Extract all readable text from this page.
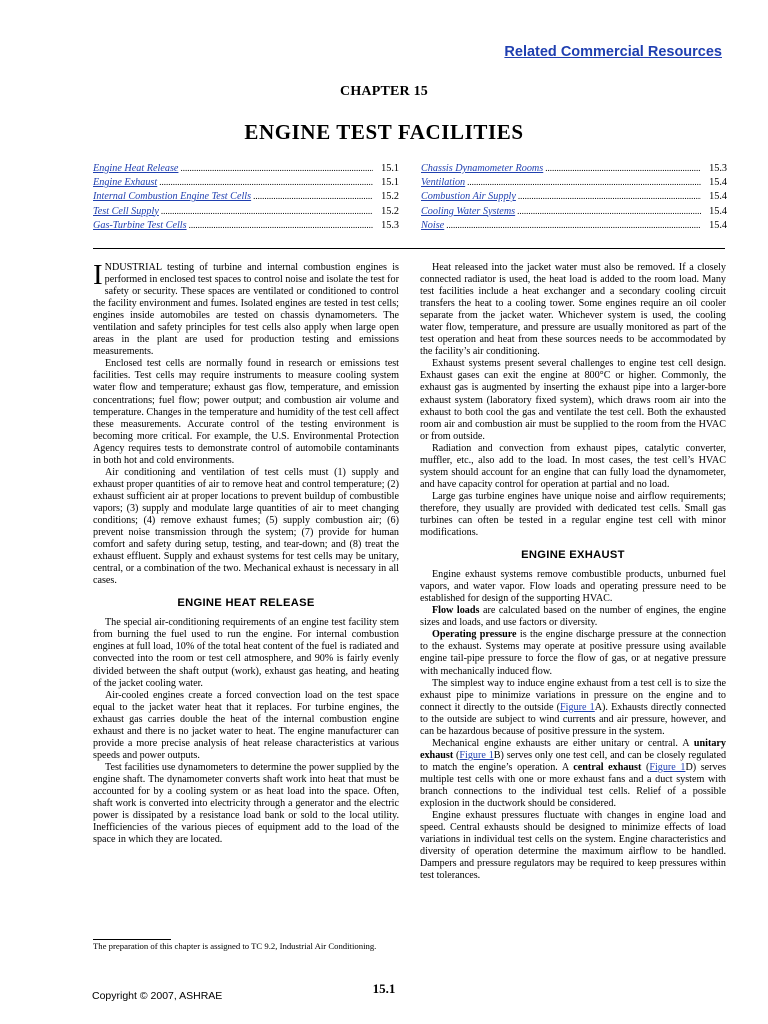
Related Commercial Resources
CHAPTER 15
ENGINE TEST FACILITIES
Engine Heat Release .....	15.1
Engine Exhaust .....	15.1
Internal Combustion Engine Test Cells .....	15.2
Test Cell Supply .....	15.2
Gas-Turbine Test Cells .....	15.3
Chassis Dynamometer Rooms .....	15.3
Ventilation .....	15.4
Combustion Air Supply .....	15.4
Cooling Water Systems .....	15.4
Noise .....	15.4

INDUSTRIAL testing of turbine and internal combustion engines is performed in enclosed test spaces to control noise and isolate the test for safety or security. These spaces are ventilated or conditioned to control the facility environment and fumes. Isolated engines are tested in test cells; engines inside automobiles are tested on chassis dynamometers. The ventilation and safety principles for test cells also apply when large open areas in the plant are used for production testing and emissions measurements.

Enclosed test cells are normally found in research or emissions test facilities. Test cells may require instruments to measure cooling system water flow and temperature; exhaust gas flow, temperature, and emission concentrations; fuel flow; power output; and combustion air volume and temperature. Changes in the temperature and humidity of the test cell affect these measurements. Accurate control of the testing environment is becoming more critical. For example, the U.S. Environmental Protection Agency requires tests to demonstrate control of automobile contaminants in both hot and cold environments.

Air conditioning and ventilation of test cells must (1) supply and exhaust proper quantities of air to remove heat and control temperature; (2) exhaust sufficient air at proper locations to prevent buildup of combustible vapors; (3) supply and modulate large quantities of air to meet changing conditions; (4) remove exhaust fumes; (5) supply combustion air; (6) prevent noise transmission through the system; (7) provide for human comfort and safety during setup, testing, and tear-down; and (8) treat the exhaust effluent. Supply and exhaust systems for test cells may be unitary, central, or a combination of the two. Mechanical exhaust is necessary in all cases.

ENGINE HEAT RELEASE

The special air-conditioning requirements of an engine test facility stem from burning the fuel used to run the engine. For internal combustion engines at full load, 10% of the total heat content of the fuel is radiated and convected into the room or test cell atmosphere, and 90% is fairly evenly divided between the shaft output (work), exhaust gas heating, and heating of the jacket cooling water.

Air-cooled engines create a forced convection load on the test space equal to the jacket water heat that it replaces. For turbine engines, the exhaust gas carries double the heat of the internal combustion engine exhaust and there is no jacket water to heat. The engine manufacturer can provide a more precise analysis of heat release characteristics at various speeds and power outputs.

Test facilities use dynamometers to determine the power supplied by the engine shaft. The dynamometer converts shaft work into heat that must be accounted for by a cooling system or as heat load into the space. Often, shaft work is converted into electricity through a generator and the electric power is dissipated by a resistance load bank or sold to the local utility. Inefficiencies of the various pieces of equipment add to the load of the space in which they are located.

Heat released into the jacket water must also be removed. If a closely connected radiator is used, the heat load is added to the room load. Many test facilities include a heat exchanger and a secondary cooling circuit transfers the heat to a cooling tower. Some engines require an oil cooler separate from the jacket water. Whichever system is used, the cooling water flow, temperature, and pressure are usually monitored as part of the test operation and heat from these sources needs to be accommodated by the facility’s air conditioning.

Exhaust systems present several challenges to engine test cell design. Exhaust gases can exit the engine at 800°C or higher. Commonly, the exhaust gas is augmented by inserting the exhaust pipe into a larger-bore exhaust system (laboratory fixed system), which draws room air into the exhaust to both cool the gas and ventilate the test cell. Both the exhausted room air and combustion air must be supplied to the room from the HVAC or from outside.

Radiation and convection from exhaust pipes, catalytic converter, muffler, etc., also add to the load. In most cases, the test cell’s HVAC system should account for an engine that can fully load the dynamometer, and have capacity control for operation at partial and no load.

Large gas turbine engines have unique noise and airflow requirements; therefore, they usually are provided with dedicated test cells. Small gas turbines can often be tested in a regular engine test cell with minor modifications.

ENGINE EXHAUST

Engine exhaust systems remove combustible products, unburned fuel vapors, and water vapor. Flow loads and operating pressure need to be established for design of the supporting HVAC.

Flow loads are calculated based on the number of engines, the engine sizes and loads, and use factors or diversity.

Operating pressure is the engine discharge pressure at the connection to the exhaust. Systems may operate at positive pressure using available engine tail-pipe pressure to force the flow of gas, or at negative pressure with mechanically induced flow.

The simplest way to induce engine exhaust from a test cell is to size the exhaust pipe to minimize variations in pressure on the engine and to connect it directly to the outside (Figure 1A). Exhausts directly connected to the outside are subject to wind currents and air pressure, however, and can be hazardous because of positive pressure in the system.

Mechanical engine exhausts are either unitary or central. A unitary exhaust (Figure 1B) serves only one test cell, and can be closely regulated to match the engine’s operation. A central exhaust (Figure 1D) serves multiple test cells with one or more exhaust fans and a duct system with branch connections to the individual test cells. Relief of a possible explosion in the ductwork should be considered.

Engine exhaust pressures fluctuate with changes in engine load and speed. Central exhausts should be designed to minimize effects of load variations in individual test cells on the system. Engine characteristics and diversity of operation determine the maximum airflow to be handled. Dampers and pressure regulators may be required to keep pressures within test tolerances.

The preparation of this chapter is assigned to TC 9.2, Industrial Air Conditioning.
15.1
Copyright © 2007, ASHRAE
